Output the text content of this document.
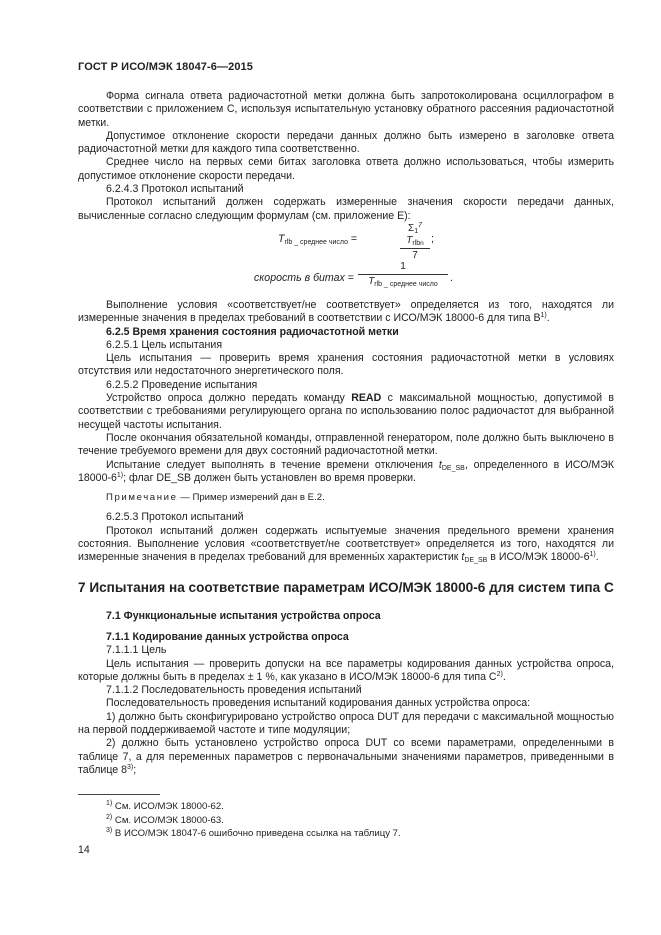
ГОСТ Р ИСО/МЭК 18047-6—2015

Форма сигнала ответа радиочастотной метки должна быть запротоколирована осциллографом в соответствии с приложением С, используя испытательную установку обратного рассеяния радиочастотной метки.

Допустимое отклонение скорости передачи данных должно быть измерено в заголовке ответа радиочастотной метки для каждого типа соответственно.

Среднее число на первых семи битах заголовка ответа должно использоваться, чтобы измерить допустимое отклонение скорости передачи.

6.2.4.3 Протокол испытаний

Протокол испытаний должен содержать измеренные значения скорости передачи данных, вычисленные согласно следующим формулам (см. приложение Е):

$T_{rlb \_ среднее число}$ =
$\Sigma_1^7$ $T_{rlbn}$
7
;
скорость в битах =
1
$T_{rlb \_ среднее число}$
.

Выполнение условия «соответствует/не соответствует» определяется из того, находятся ли измеренные значения в пределах требований в соответствии с ИСО/МЭК 18000-6 для типа $В^{1)}$.

6.2.5 Время хранения состояния радиочастотной метки

6.2.5.1 Цель испытания

Цель испытания — проверить время хранения состояния радиочастотной метки в условиях отсутствия или недостаточного энергетического поля.

6.2.5.2 Проведение испытания

Устройство опроса должно передать команду READ с максимальной мощностью, допустимой в соответствии с требованиями регулирующего органа по использованию полос радиочастот для выбранной несущей частоты испытания.

После окончания обязательной команды, отправленной генератором, поле должно быть выключено в течение требуемого времени для двух состояний радиочастотной метки.

Испытание следует выполнять в течение времени отключения $t_{DE\_SB}$, определенного в ИСО/МЭК 18000-6$^{1)}$; флаг DE_SB должен быть установлен во время проверки.

Примечание — Пример измерений дан в Е.2.

6.2.5.3 Протокол испытаний

Протокол испытаний должен содержать испытуемые значения предельного времени хранения состояния. Выполнение условия «соответствует/не соответствует» определяется из того, находятся ли измеренные значения в пределах требований для временны́х характеристик $t_{DE\_SB}$ в ИСО/МЭК 18000-6$^{1)}$.

7 Испытания на соответствие параметрам ИСО/МЭК 18000-6 для систем типа С

7.1 Функциональные испытания устройства опроса

7.1.1 Кодирование данных устройства опроса

7.1.1.1 Цель

Цель испытания — проверить допуски на все параметры кодирования данных устройства опроса, которые должны быть в пределах ± 1 %, как указано в ИСО/МЭК 18000-6 для типа $С^{2)}$.

7.1.1.2 Последовательность проведения испытаний

Последовательность проведения испытаний кодирования данных устройства опроса:

1) должно быть сконфигурировано устройство опроса DUT для передачи с максимальной мощностью на первой поддерживаемой частоте и типе модуляции;

2) должно быть установлено устройство опроса DUT со всеми параметрами, определенными в таблице 7, а для переменных параметров с первоначальными значениями параметров, приведенными в таблице 8$^{3)}$;

$^{1)}$ См. ИСО/МЭК 18000-62.
$^{2)}$ См. ИСО/МЭК 18000-63.
$^{3)}$ В ИСО/МЭК 18047-6 ошибочно приведена ссылка на таблицу 7.
14
